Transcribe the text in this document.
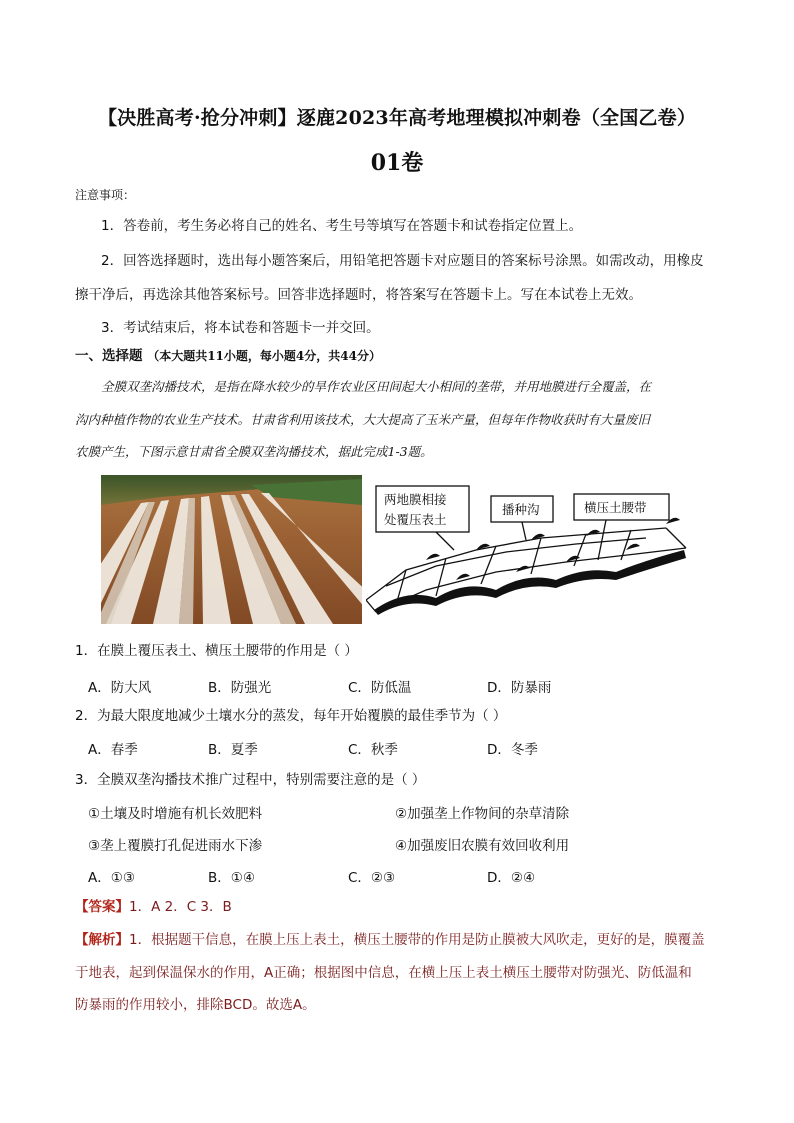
【决胜高考·抢分冲刺】逐鹿2023年高考地理模拟冲刺卷（全国乙卷）
01卷
注意事项：
1．答卷前，考生务必将自己的姓名、考生号等填写在答题卡和试卷指定位置上。
2．回答选择题时，选出每小题答案后，用铅笔把答题卡对应题目的答案标号涂黑。如需改动，用橡皮
擦干净后，再选涂其他答案标号。回答非选择题时，将答案写在答题卡上。写在本试卷上无效。
3．考试结束后，将本试卷和答题卡一并交回。
一、选择题 （本大题共11小题，每小题4分，共44分）
全膜双垄沟播技术，是指在降水较少的旱作农业区田间起大小相间的垄带，并用地膜进行全覆盖，在
沟内种植作物的农业生产技术。甘肃省利用该技术，大大提高了玉米产量，但每年作物收获时有大量废旧
农膜产生，下图示意甘肃省全膜双垄沟播技术，据此完成1-3题。
两地膜相接
处覆压表土
播种沟	横压土腰带
1．在膜上覆压表土、横压土腰带的作用是（ ）
A．防大风	B．防强光	C．防低温	D．防暴雨
2．为最大限度地减少土壤水分的蒸发，每年开始覆膜的最佳季节为（ ）
A．春季	B．夏季	C．秋季	D．冬季
3．全膜双垄沟播技术推广过程中，特别需要注意的是（ ）
①土壤及时增施有机长效肥料	②加强垄上作物间的杂草清除
③垄上覆膜打孔促进雨水下渗	④加强废旧农膜有效回收利用
A．①③	B．①④	C．②③	D．②④
【答案】1．A 2．C 3．B
【解析】1．根据题干信息，在膜上压上表土，横压土腰带的作用是防止膜被大风吹走，更好的是，膜覆盖
于地表，起到保温保水的作用，A正确；根据图中信息，在横上压上表土横压土腰带对防强光、防低温和
防暴雨的作用较小，排除BCD。故选A。
